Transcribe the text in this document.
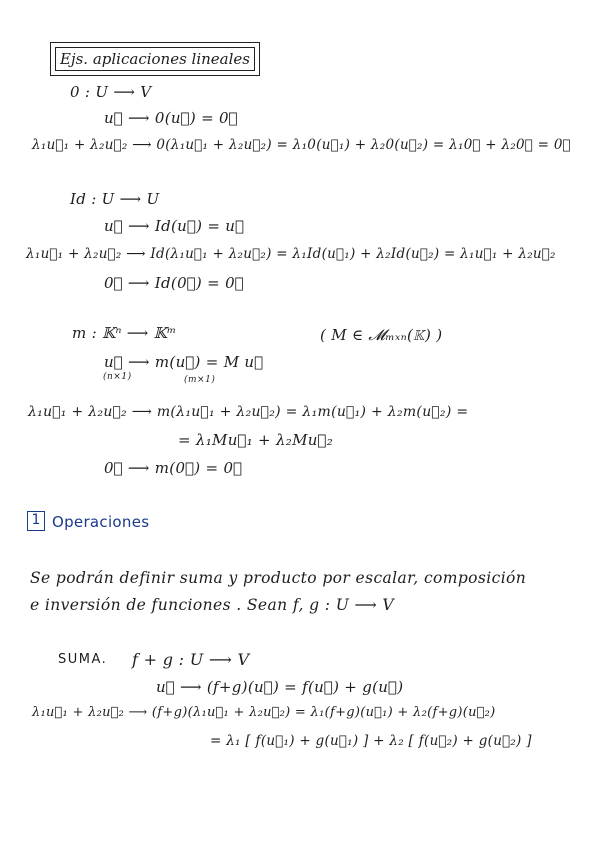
Ejs. aplicaciones lineales
0 : U ⟶ V
u⃗ ⟶ 0(u⃗) = 0⃗
λ₁u⃗₁ + λ₂u⃗₂ ⟶ 0(λ₁u⃗₁ + λ₂u⃗₂) = λ₁0(u⃗₁) + λ₂0(u⃗₂) = λ₁0⃗ + λ₂0⃗ = 0⃗
Id : U ⟶ U
u⃗ ⟶ Id(u⃗) = u⃗
λ₁u⃗₁ + λ₂u⃗₂ ⟶ Id(λ₁u⃗₁ + λ₂u⃗₂) = λ₁Id(u⃗₁) + λ₂Id(u⃗₂) = λ₁u⃗₁ + λ₂u⃗₂
0⃗ ⟶ Id(0⃗) = 0⃗
m : 𝕂ⁿ ⟶ 𝕂ᵐ	( M ∈ 𝓜ₘₓₙ(𝕂) )
u⃗ ⟶ m(u⃗) = M u⃗
(n×1)	(m×1)
λ₁u⃗₁ + λ₂u⃗₂ ⟶ m(λ₁u⃗₁ + λ₂u⃗₂) = λ₁m(u⃗₁) + λ₂m(u⃗₂) =
= λ₁Mu⃗₁ + λ₂Mu⃗₂
0⃗ ⟶ m(0⃗) = 0⃗
1 Operaciones
Se podrán definir suma y producto por escalar, composición
e inversión de funciones . Sean f, g : U ⟶ V
SUMA. f + g : U ⟶ V
u⃗ ⟶ (f+g)(u⃗) = f(u⃗) + g(u⃗)
λ₁u⃗₁ + λ₂u⃗₂ ⟶ (f+g)(λ₁u⃗₁ + λ₂u⃗₂) = λ₁(f+g)(u⃗₁) + λ₂(f+g)(u⃗₂)
= λ₁ [ f(u⃗₁) + g(u⃗₁) ] + λ₂ [ f(u⃗₂) + g(u⃗₂) ]
